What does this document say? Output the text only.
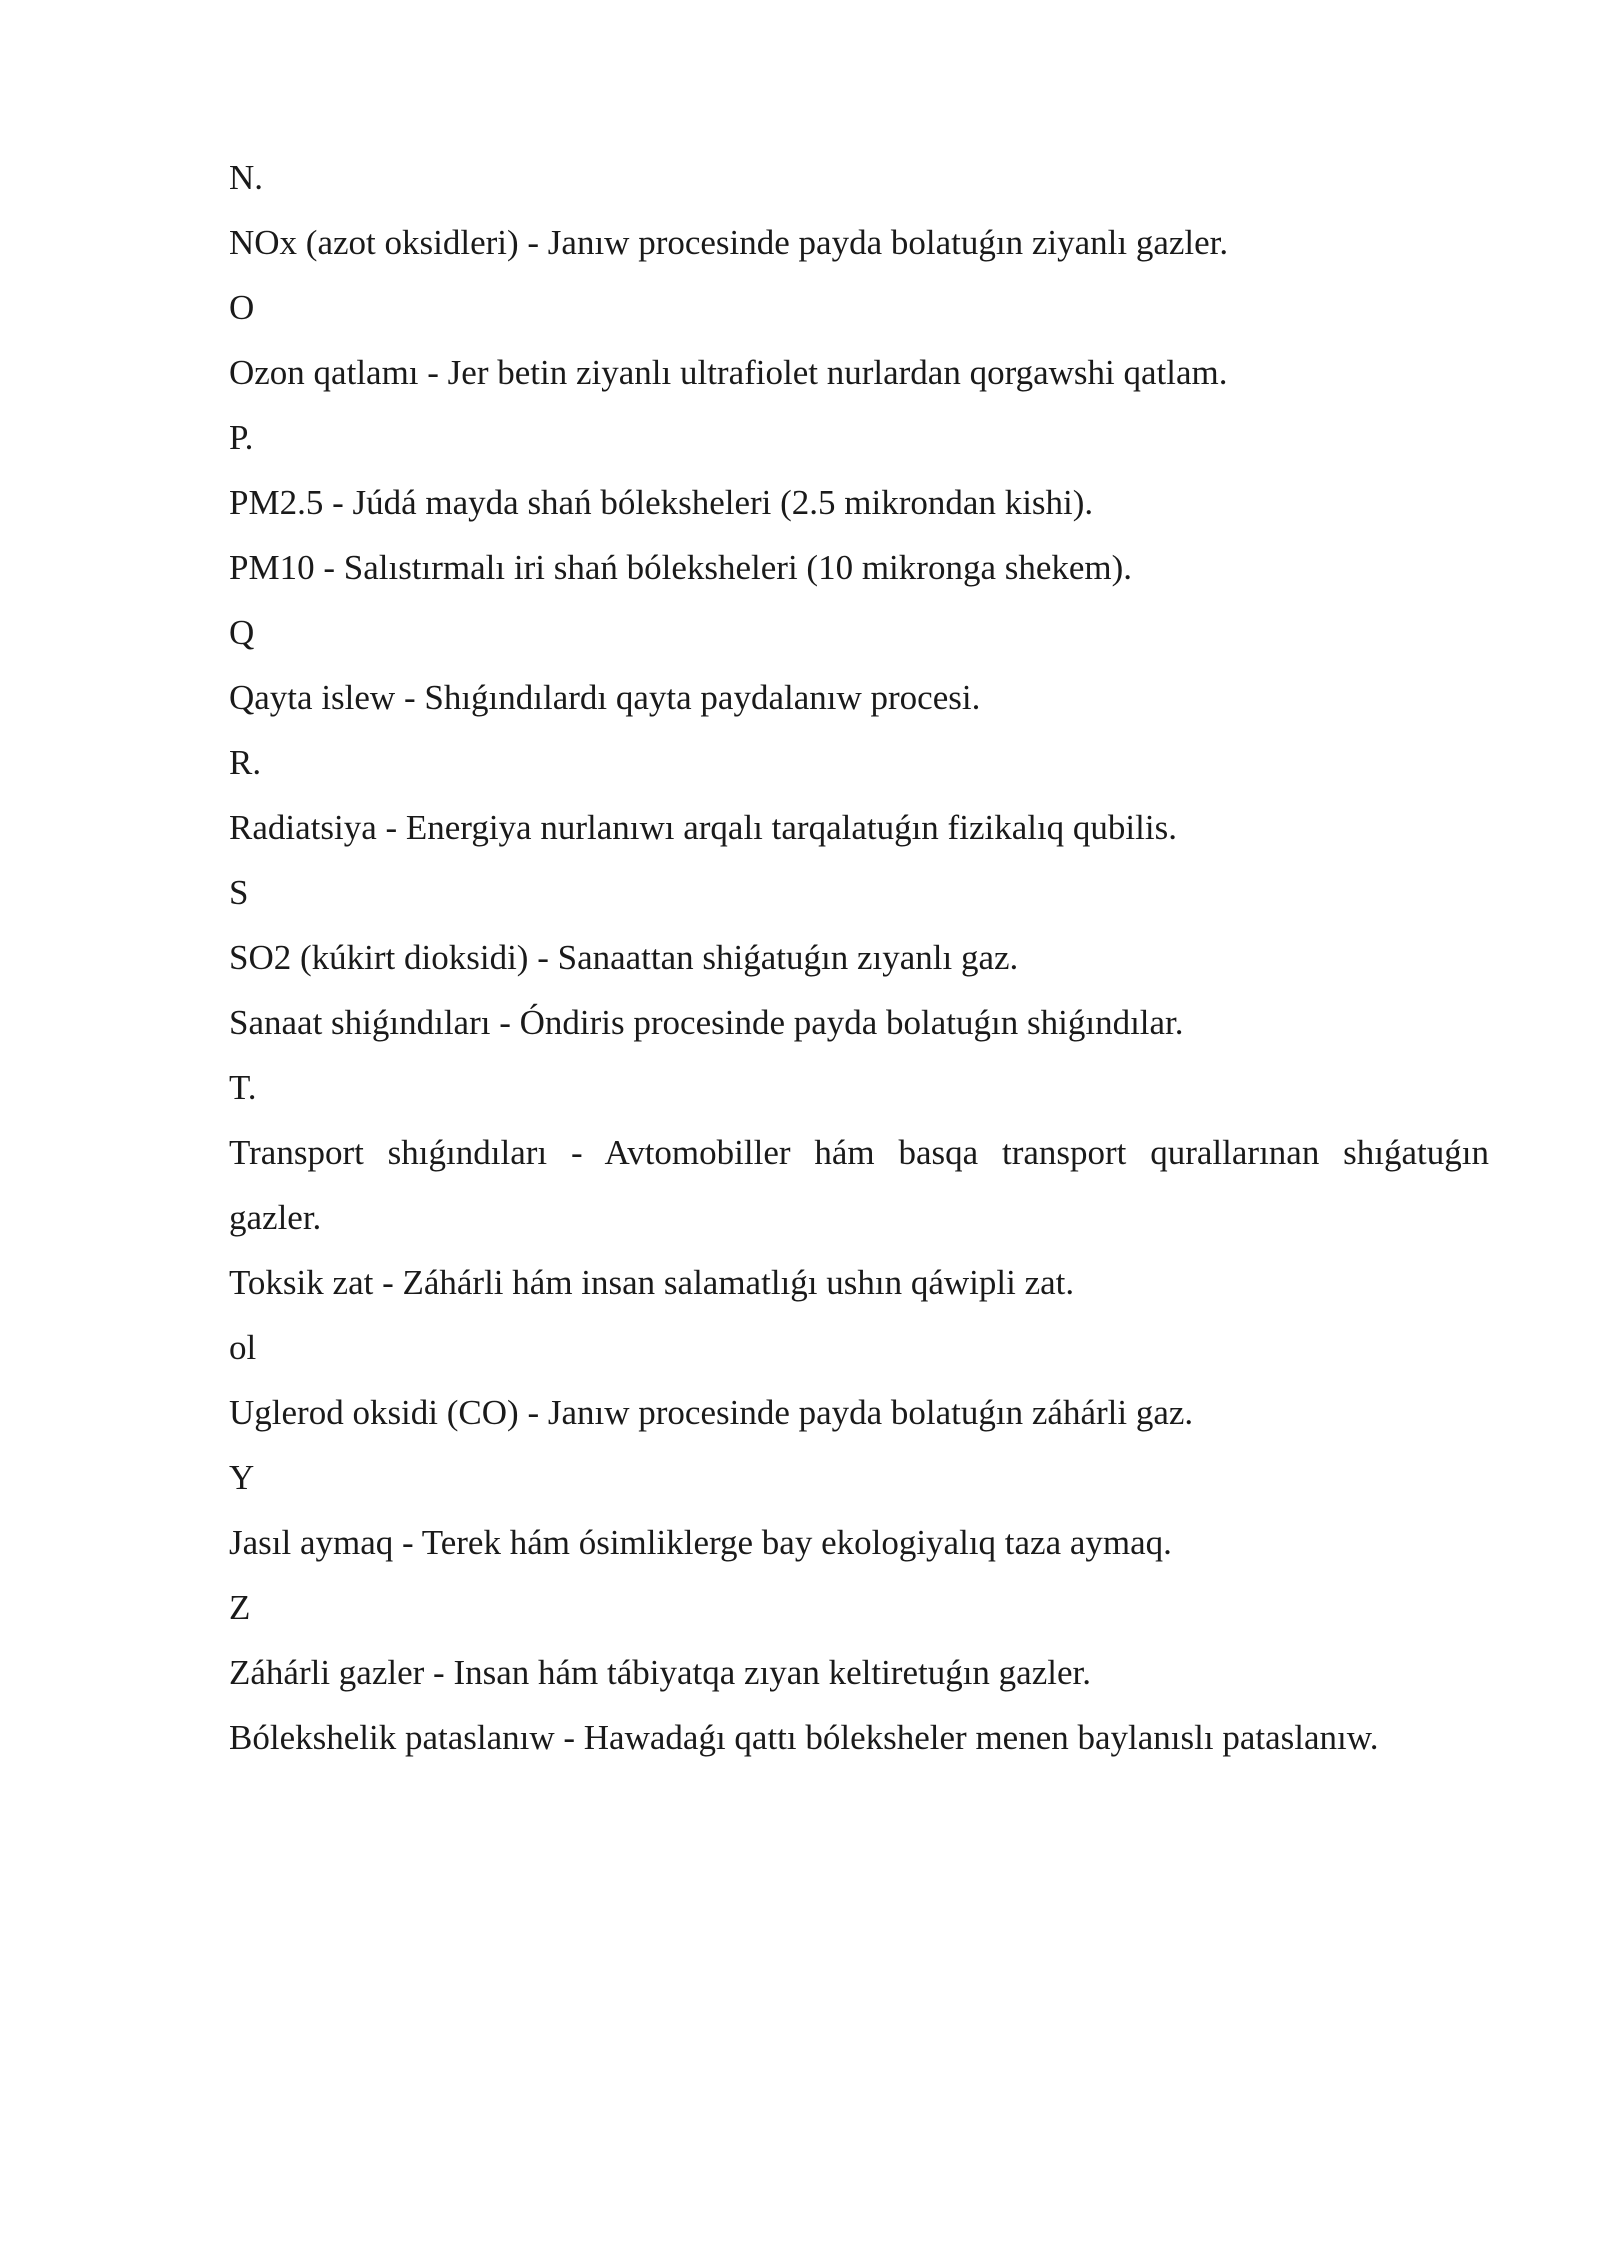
N.
NOx (azot oksidleri) - Janıw procesinde payda bolatuǵın ziyanlı gazler.
O
Ozon qatlamı - Jer betin ziyanlı ultrafiolet nurlardan qorgawshi qatlam.
P.
PM2.5 - Júdá mayda shań bólekshеleri (2.5 mikrondan kishi).
PM10 - Salıstırmalı iri shań bólekshеleri (10 mikronga shekem).
Q
Qayta islew - Shıǵındılardı qayta paydalanıw procesi.
R.
Radiatsiya - Energiya nurlanıwı arqalı tarqalatuǵın fizikalıq qubilis.
S
SO2 (kúkirt dioksidi) - Sanaattan shiǵatuǵın zıyanlı gaz.
Sanaat shiǵındıları - Óndiris procesinde payda bolatuǵın shiǵındılar.
T.
Transport shıǵındıları - Avtomobiller hám basqa transport qurallarınan shıǵatuǵın
gazler.
Toksik zat - Záhárli hám insan salamatlıǵı ushın qáwipli zat.
ol
Uglerod oksidi (CO) - Janıw procesinde payda bolatuǵın záhárli gaz.
Y
Jasıl aymaq - Terek hám ósimliklerge bay ekologiyalıq taza aymaq.
Z
Záhárli gazler - Insan hám tábiyatqa zıyan keltiretuǵın gazler.
Bólekshelik pataslanıw - Hawadaǵı qattı bóleksheler menen baylanıslı pataslanıw.
